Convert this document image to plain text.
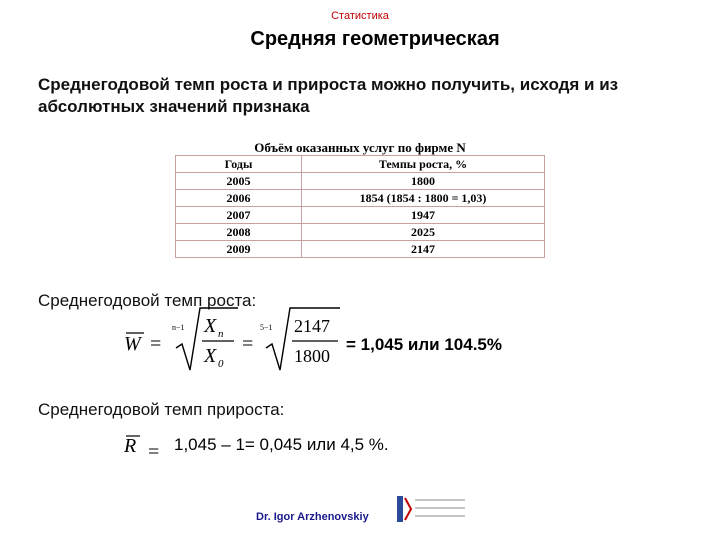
Статистика
Средняя геометрическая
Среднегодовой темп роста и прироста можно получить, исходя и из абсолютных значений признака
Объём оказанных услуг по фирме N
Годы	Темпы роста, %
2005	1800
2006	1854 (1854 : 1800 = 1,03)
2007	1947
2008	2025
2009	2147
Среднегодовой темп роста:
W =
n−1 X n
X 0
=
5−1 2147
1800
= 1,045 или 104.5%
Среднегодовой темп прироста:
R = 1,045 – 1= 0,045 или 4,5 %.
Dr. Igor Arzhenovskiy
